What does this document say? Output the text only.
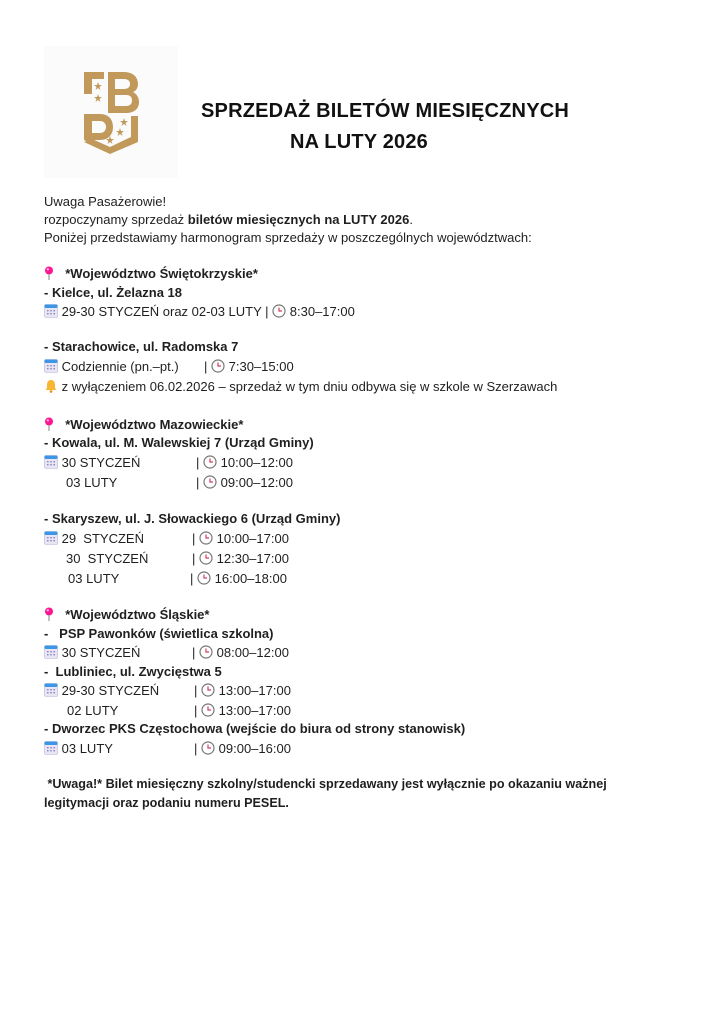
SPRZEDAŻ BILETÓW MIESIĘCZNYCH
NA LUTY 2026
Uwaga Pasażerowie!
rozpoczynamy sprzedaż biletów miesięcznych na LUTY 2026.
Poniżej przedstawiamy harmonogram sprzedaży w poszczególnych województwach:
*Województwo Świętokrzyskie*
- Kielce, ul. Żelazna 18
29-30 STYCZEŃ oraz 02-03 LUTY | 8:30–17:00
- Starachowice, ul. Radomska 7
Codziennie (pn.–pt.) | 7:30–15:00
z wyłączeniem 06.02.2026 – sprzedaż w tym dniu odbywa się w szkole w Szerzawach
*Województwo Mazowieckie*
- Kowala, ul. M. Walewskiej 7 (Urząd Gminy)
30 STYCZEŃ	| 10:00–12:00
03 LUTY	| 09:00–12:00
- Skaryszew, ul. J. Słowackiego 6 (Urząd Gminy)
29  STYCZEŃ	| 10:00–17:00
30  STYCZEŃ	| 12:30–17:00
03 LUTY	| 16:00–18:00
*Województwo Śląskie*
-   PSP Pawonków (świetlica szkolna)
30 STYCZEŃ	| 08:00–12:00
-  Lubliniec, ul. Zwycięstwa 5
29-30 STYCZEŃ	| 13:00–17:00
02 LUTY	| 13:00–17:00
- Dworzec PKS Częstochowa (wejście do biura od strony stanowisk)
03 LUTY	| 09:00–16:00
*Uwaga!* Bilet miesięczny szkolny/studencki sprzedawany jest wyłącznie po okazaniu ważnej
legitymacji oraz podaniu numeru PESEL.
